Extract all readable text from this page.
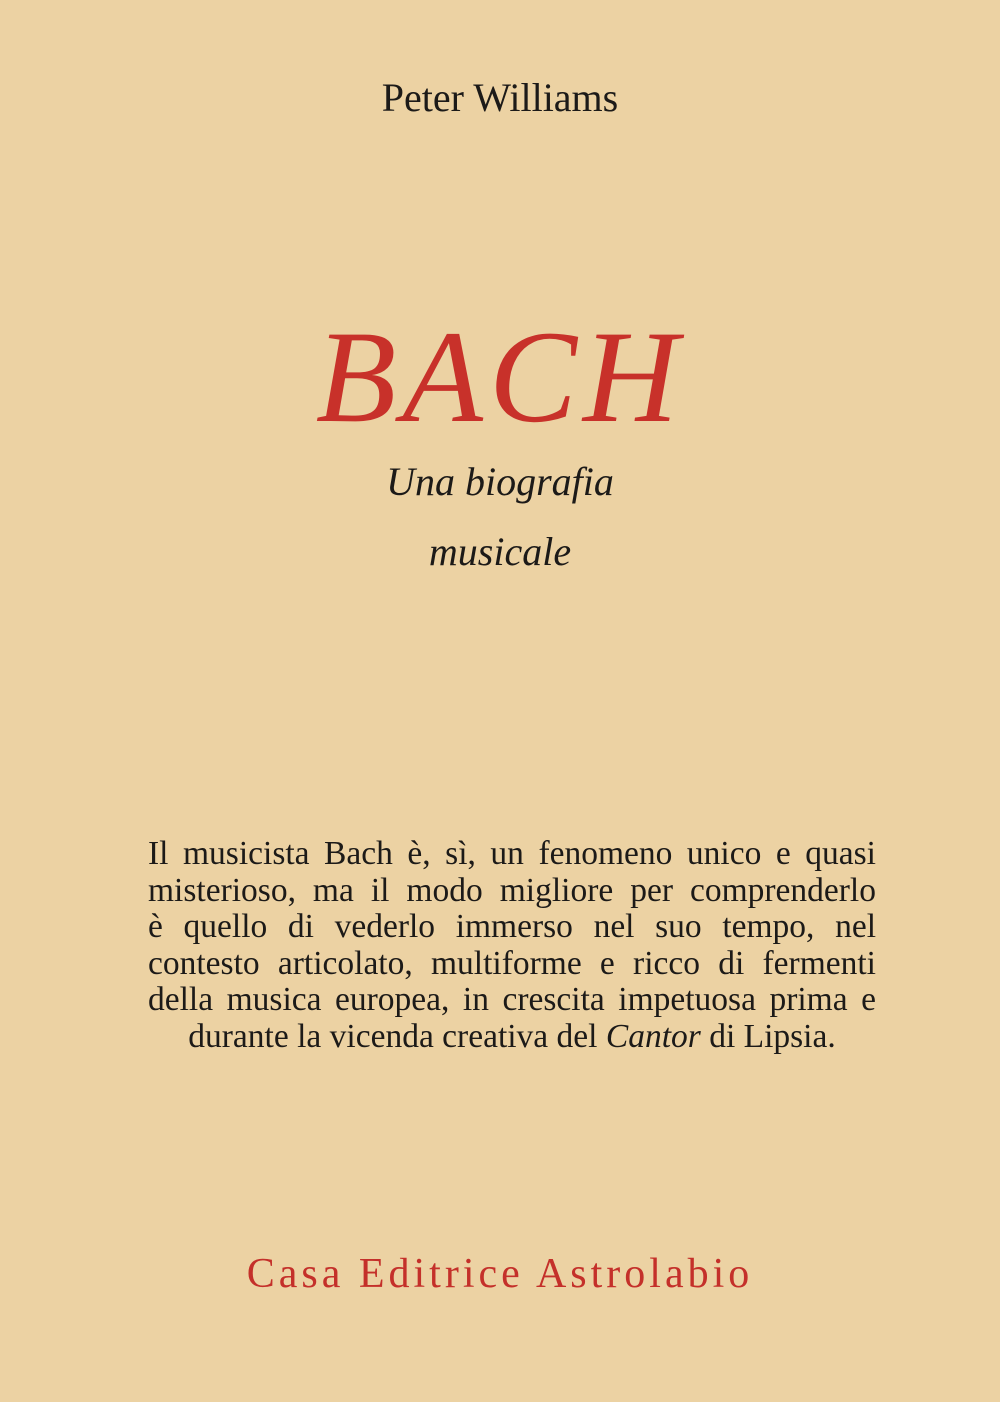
Peter Williams
BACH
Una biografia
musicale
Il musicista Bach è, sì, un fenomeno unico e quasi
misterioso, ma il modo migliore per comprenderlo
è quello di vederlo immerso nel suo tempo, nel
contesto articolato, multiforme e ricco di fermenti
della musica europea, in crescita impetuosa prima e
durante la vicenda creativa del Cantor di Lipsia.
Casa Editrice Astrolabio
